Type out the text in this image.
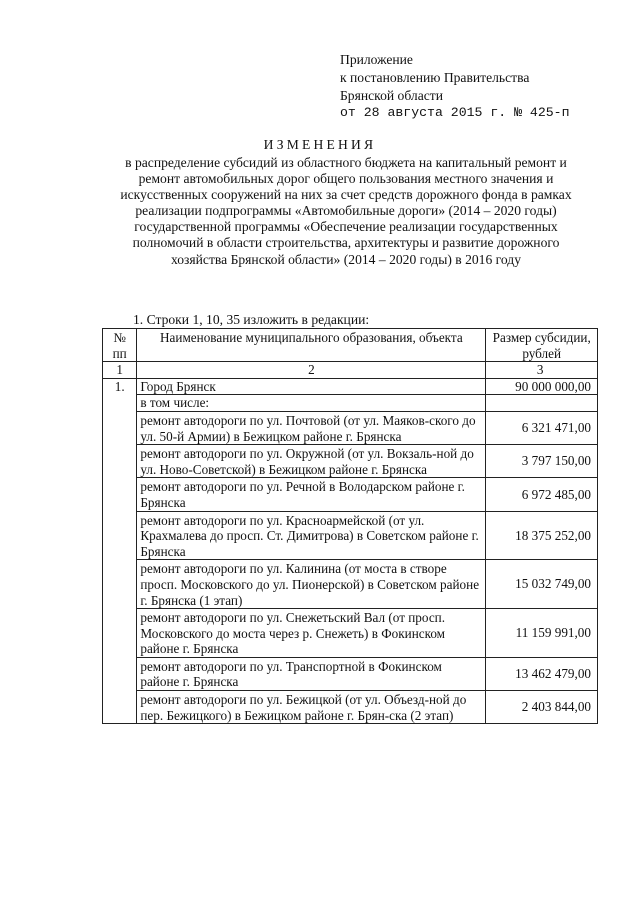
Приложение
к постановлению Правительства
Брянской области
от 28 августа 2015 г. № 425-п
ИЗМЕНЕНИЯ
в распределение субсидий из областного бюджета на капитальный ремонт и ремонт автомобильных дорог общего пользования местного значения и искусственных сооружений на них за счет средств дорожного фонда в рамках реализации подпрограммы «Автомобильные дороги» (2014 – 2020 годы) государственной программы «Обеспечение реализации государственных полномочий в области строительства, архитектуры и развитие дорожного хозяйства Брянской области» (2014 – 2020 годы) в 2016 году
1. Строки 1, 10, 35 изложить в редакции:
№ пп	Наименование муниципального образования, объекта	Размер субсидии, рублей
1	2	3
1.	Город Брянск	90 000 000,00
	в том числе:	
	ремонт автодороги по ул. Почтовой (от ул. Маяков-ского до ул. 50-й Армии) в Бежицком районе г. Брянска	6 321 471,00
	ремонт автодороги по ул. Окружной (от ул. Вокзаль-ной до ул. Ново-Советской) в Бежицком районе г. Брянска	3 797 150,00
	ремонт автодороги по ул. Речной в Володарском районе г. Брянска	6 972 485,00
	ремонт автодороги по ул. Красноармейской (от ул. Крахмалева до просп. Ст. Димитрова) в Советском районе г. Брянска	18 375 252,00
	ремонт автодороги по ул. Калинина (от моста в створе просп. Московского до ул. Пионерской) в Советском районе г. Брянска (1 этап)	15 032 749,00
	ремонт автодороги по ул. Снежетьский Вал (от просп. Московского до моста через р. Снежеть) в Фокинском районе г. Брянска	11 159 991,00
	ремонт автодороги по ул. Транспортной в Фокинском районе г. Брянска	13 462 479,00
	ремонт автодороги по ул. Бежицкой (от ул. Объезд-ной до пер. Бежицкого) в Бежицком районе г. Брян-ска (2 этап)	2 403 844,00
